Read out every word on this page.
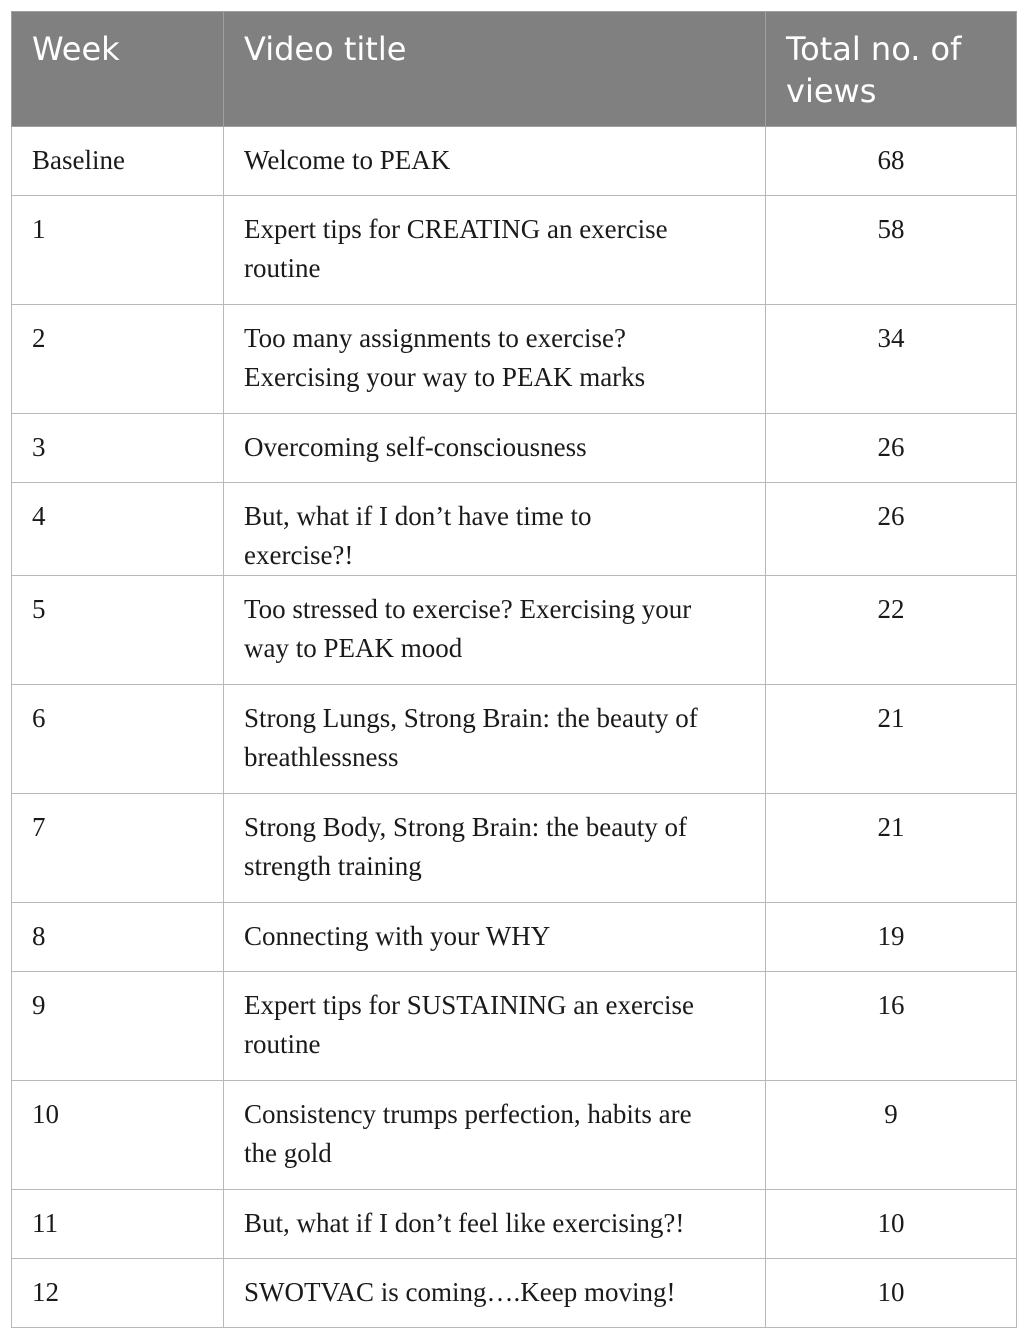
Week	Video title	Total no. of views
Baseline	Welcome to PEAK	68
1	Expert tips for CREATING an exercise routine	58
2	Too many assignments to exercise? Exercising your way to PEAK marks	34
3	Overcoming self-consciousness	26
4	But, what if I don’t have time to exercise?!	26
5	Too stressed to exercise? Exercising your way to PEAK mood	22
6	Strong Lungs, Strong Brain: the beauty of breathlessness	21
7	Strong Body, Strong Brain: the beauty of strength training	21
8	Connecting with your WHY	19
9	Expert tips for SUSTAINING an exercise routine	16
10	Consistency trumps perfection, habits are the gold	9
11	But, what if I don’t feel like exercising?!	10
12	SWOTVAC is coming….Keep moving!	10
